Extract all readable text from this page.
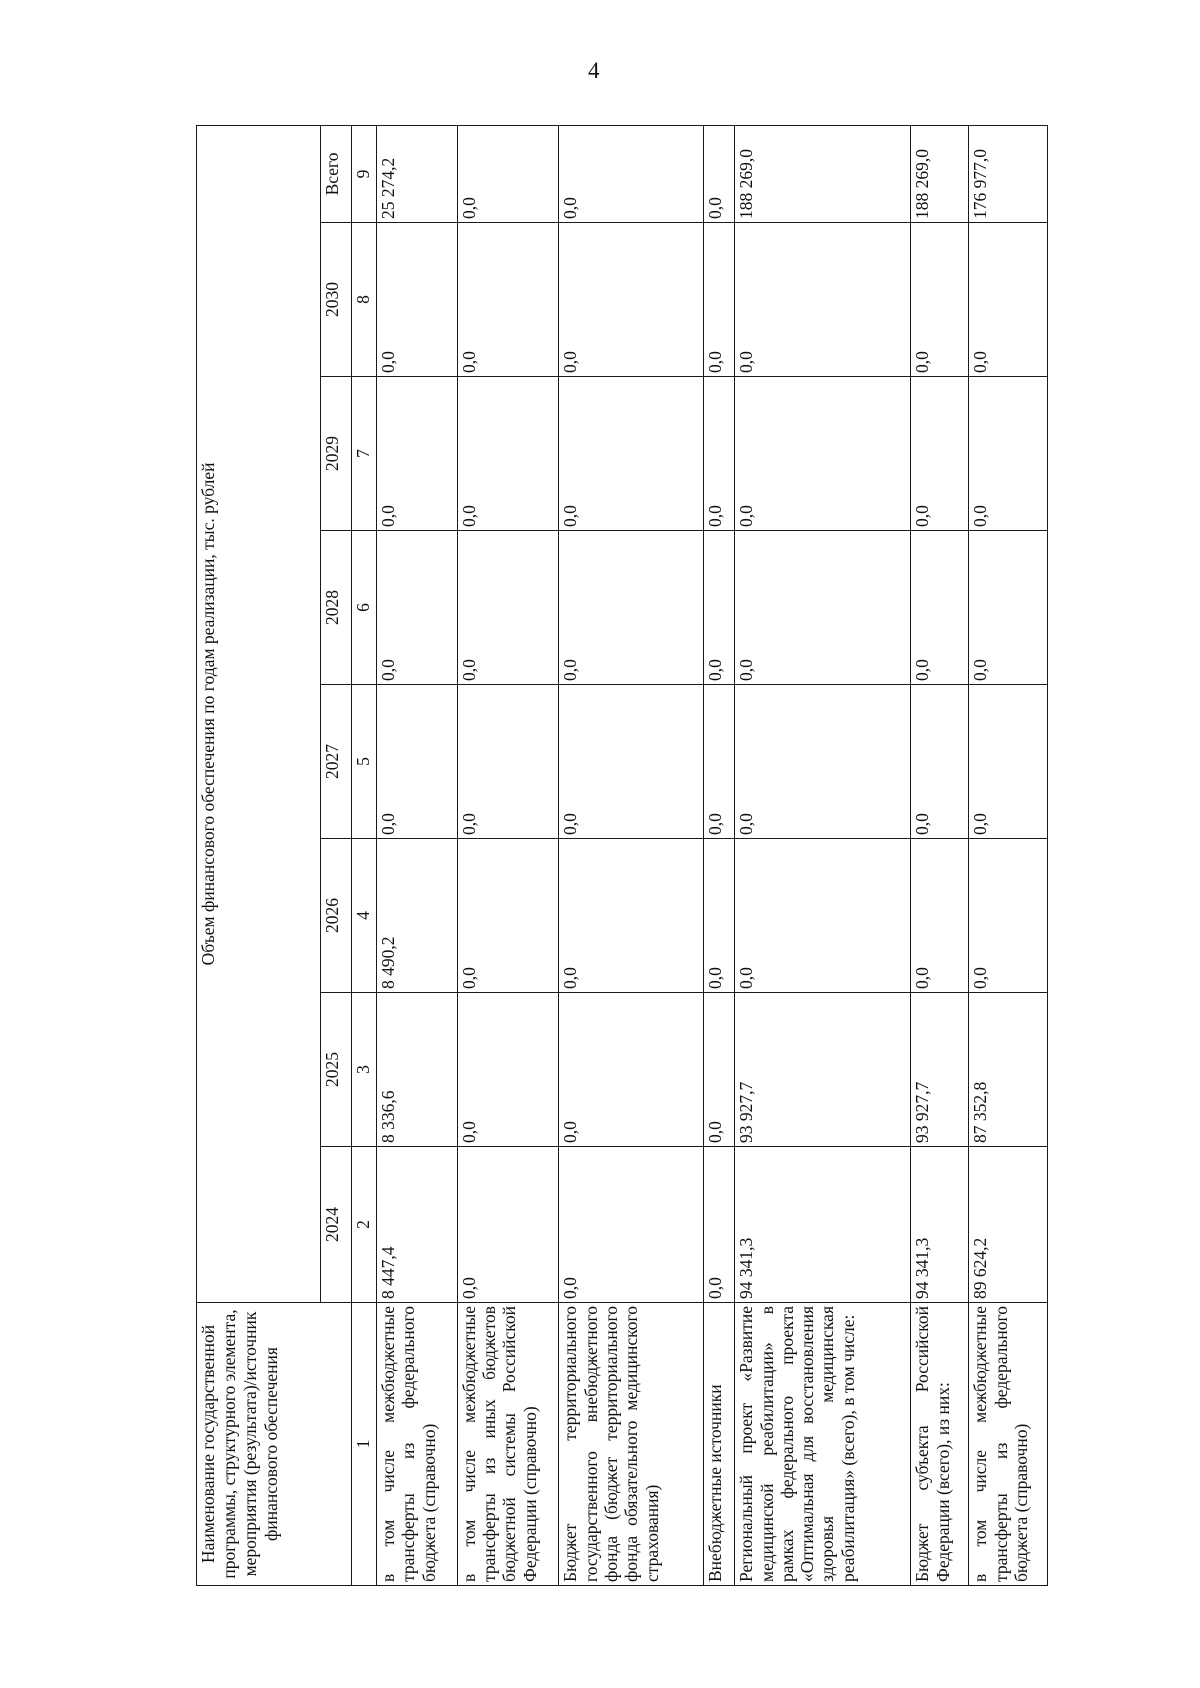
4
Наименование государственной программы, структурного элемента, мероприятия (результата)/источник финансового обеспечения	Объем финансового обеспечения по годам реализации, тыс. рублей							
	2024	2025	2026	2027	2028	2029	2030	Всего
1	2	3	4	5	6	7	8	9
в том числе межбюджетные трансферты из федерального бюджета (справочно)	8 447,4	8 336,6	8 490,2	0,0	0,0	0,0	0,0	25 274,2
в том числе межбюджетные трансферты из иных бюджетов бюджетной системы Российской Федерации (справочно)	0,0	0,0	0,0	0,0	0,0	0,0	0,0	0,0
Бюджет территориального государственного внебюджетного фонда (бюджет территориального фонда обязательного медицинского страхования)	0,0	0,0	0,0	0,0	0,0	0,0	0,0	0,0
Внебюджетные источники	0,0	0,0	0,0	0,0	0,0	0,0	0,0	0,0
Региональный проект «Развитие медицинской реабилитации» в рамках федерального проекта «Оптимальная для восстановления здоровья медицинская реабилитация» (всего), в том числе:	94 341,3	93 927,7	0,0	0,0	0,0	0,0	0,0	188 269,0
Бюджет субъекта Российской Федерации (всего), из них:	94 341,3	93 927,7	0,0	0,0	0,0	0,0	0,0	188 269,0
в том числе межбюджетные трансферты из федерального бюджета (справочно)	89 624,2	87 352,8	0,0	0,0	0,0	0,0	0,0	176 977,0
